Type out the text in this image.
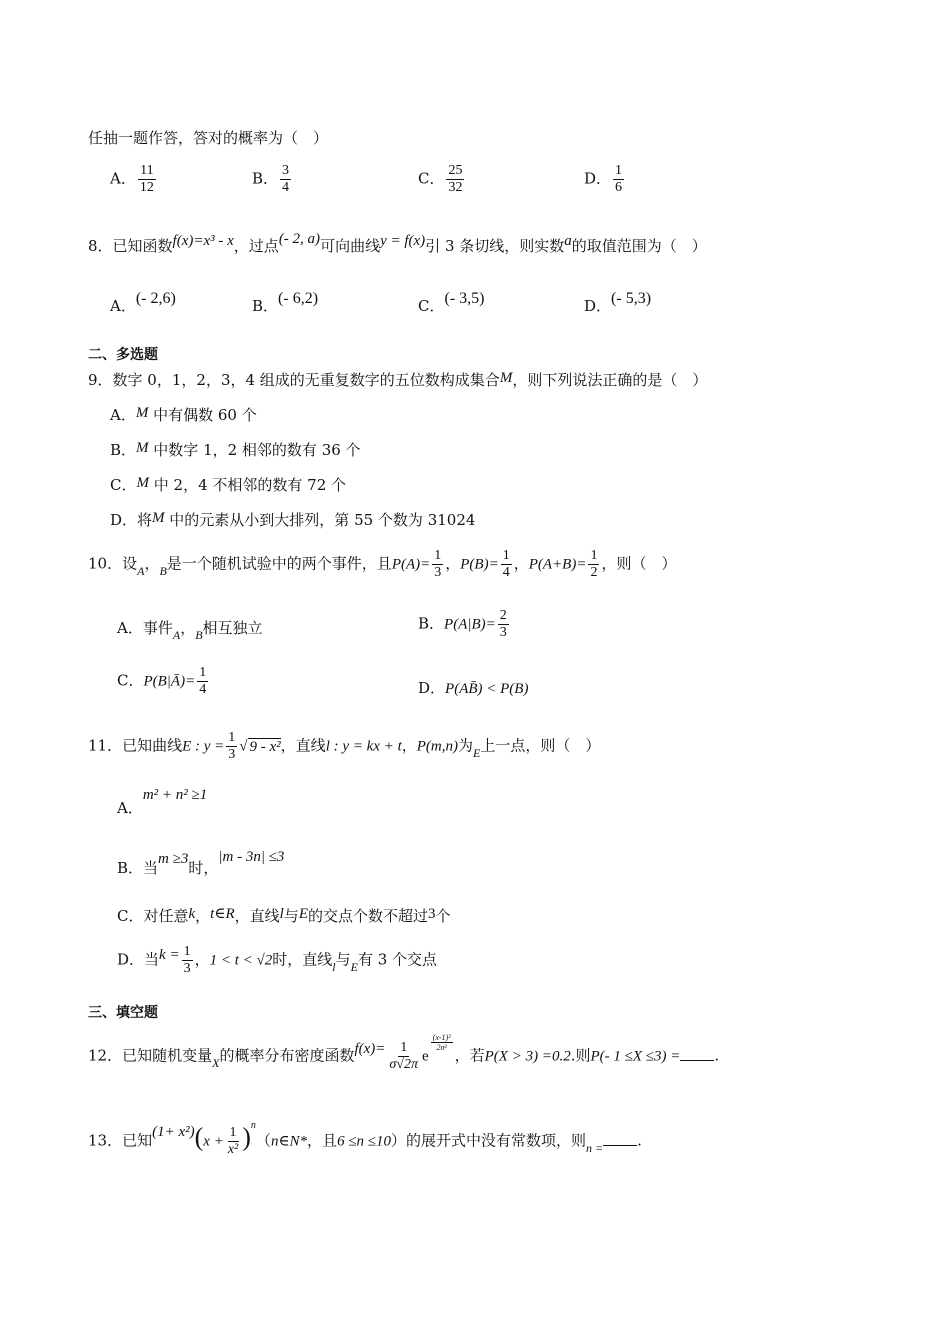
任抽一题作答，答对的概率为（　）
A． $\frac{11}{12}$	B． $\frac{3}{4}$	C． $\frac{25}{32}$	D． $\frac{1}{6}$
8．已知函数f(x)=x³ - x，过点(- 2, a)可向曲线y = f(x)引 3 条切线，则实数a的取值范围为（　）
A．(- 2,6)	B．(- 6,2)	C．(- 3,5)	D．(- 5,3)
二、多选题
9．数字 0，1，2，3，4 组成的无重复数字的五位数构成集合M，则下列说法正确的是（　）
A．M 中有偶数 60 个
B．M 中数字 1，2 相邻的数有 36 个
C．M 中 2，4 不相邻的数有 72 个
D．将M 中的元素从小到大排列，第 55 个数为 31024
10．设$_A$，$_B$是一个随机试验中的两个事件，且$P(A)= \frac{1}{3}$ ，$P(B)= \frac{1}{4}$ ，$P(A+B)= \frac{1}{2}$ ，则（　）
A．事件$_A$，$_B$相互独立	B．$P(A|B)= \frac{2}{3}$
C．P(B|Ā)= $\frac{1}{4}$	D．P(AB̄) < P(B)
11．已知曲线E : $y = \frac{1}{3}$ √ 9 - x²，直线l : y = kx + t，P(m,n)为$_E$上一点，则（　）
A．m² + n² ≥1
B．当m ≥3时，|m - 3n| ≤3
C．对任意k，t∈R，直线l与E的交点个数不超过3个
D．当$k = \frac{1}{3}$ ，1 < t < √2时，直线$_l$与$_E$有 3 个交点
三、填空题
12．已知随机变量$_X$的概率分布密度函数$f(x)= \frac{1}{\sigma√2\pi}$ e
$\frac{\text{(x-1)²}}{\text{2σ²}}$
，若P(X > 3) =0.2.则P(- 1 ≤X ≤3) = .
13．已知$(1+ x^2)(x + \frac{1}{\text{x²}}$ )$^n(n\in N*$，且6 ≤n ≤10）的展开式中没有常数项，则$_{n =}$ .
